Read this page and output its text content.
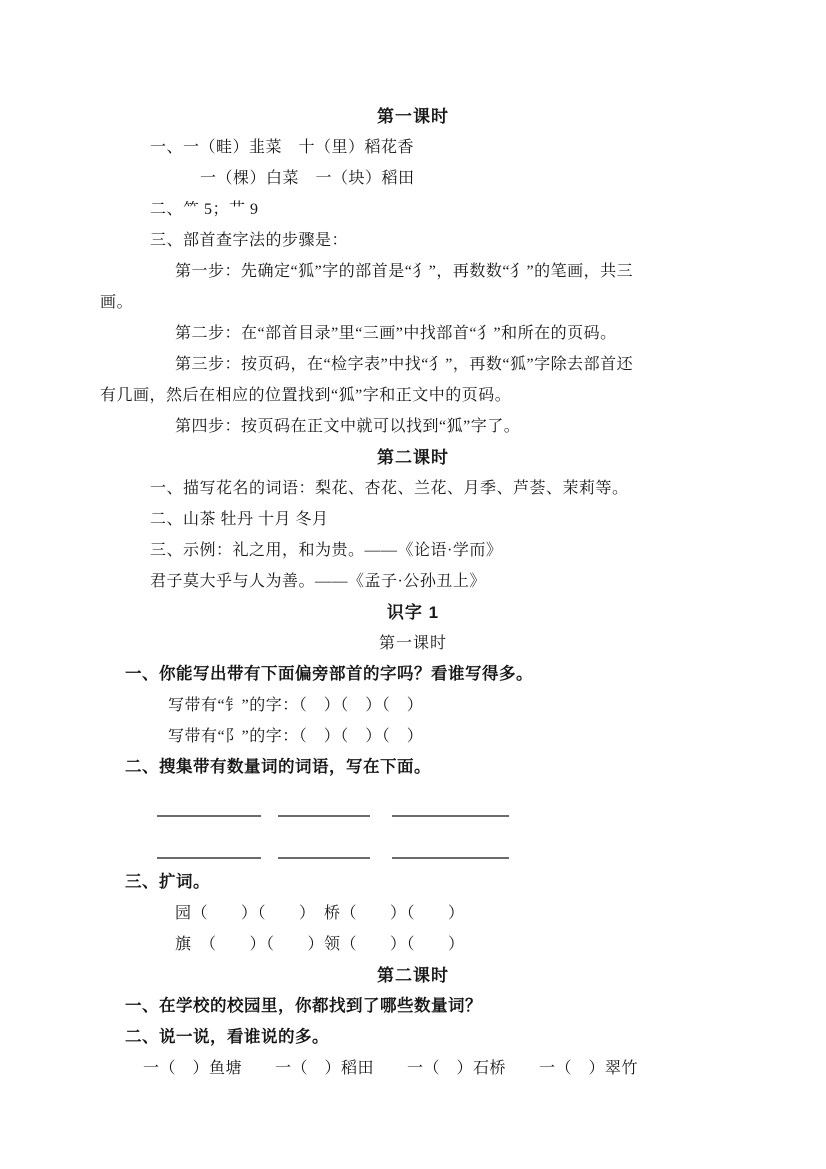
第一课时
一、一（畦）韭菜　十（里）稻花香
一（棵）白菜　一（块）稻田
二、⺮ 5；艹 9
三、部首查字法的步骤是：
第一步：先确定“狐”字的部首是“犭”，再数数“犭”的笔画，共三
画。
第二步：在“部首目录”里“三画”中找部首“犭”和所在的页码。
第三步：按页码，在“检字表”中找“犭”，再数“狐”字除去部首还
有几画，然后在相应的位置找到“狐”字和正文中的页码。
第四步：按页码在正文中就可以找到“狐”字了。
第二课时
一、描写花名的词语：梨花、杏花、兰花、月季、芦荟、茉莉等。
二、山茶 牡丹 十月 冬月
三、示例：礼之用，和为贵。——《论语·学而》
君子莫大乎与人为善。——《孟子·公孙丑上》
识字 1
第一课时
一、你能写出带有下面偏旁部首的字吗？看谁写得多。
写带有“钅”的字：（　）（　）（　）
写带有“阝”的字：（　）（　）（　）
二、搜集带有数量词的词语，写在下面。
三、扩词。
园（　　）（　　）　桥（　　）（　　）
旗　（　　）（　　）领（　　）（　　）
第二课时
一、在学校的校园里，你都找到了哪些数量词？
二、说一说，看谁说的多。
一（　）鱼塘　　一（　）稻田　　一（　）石桥　　一（　）翠竹
